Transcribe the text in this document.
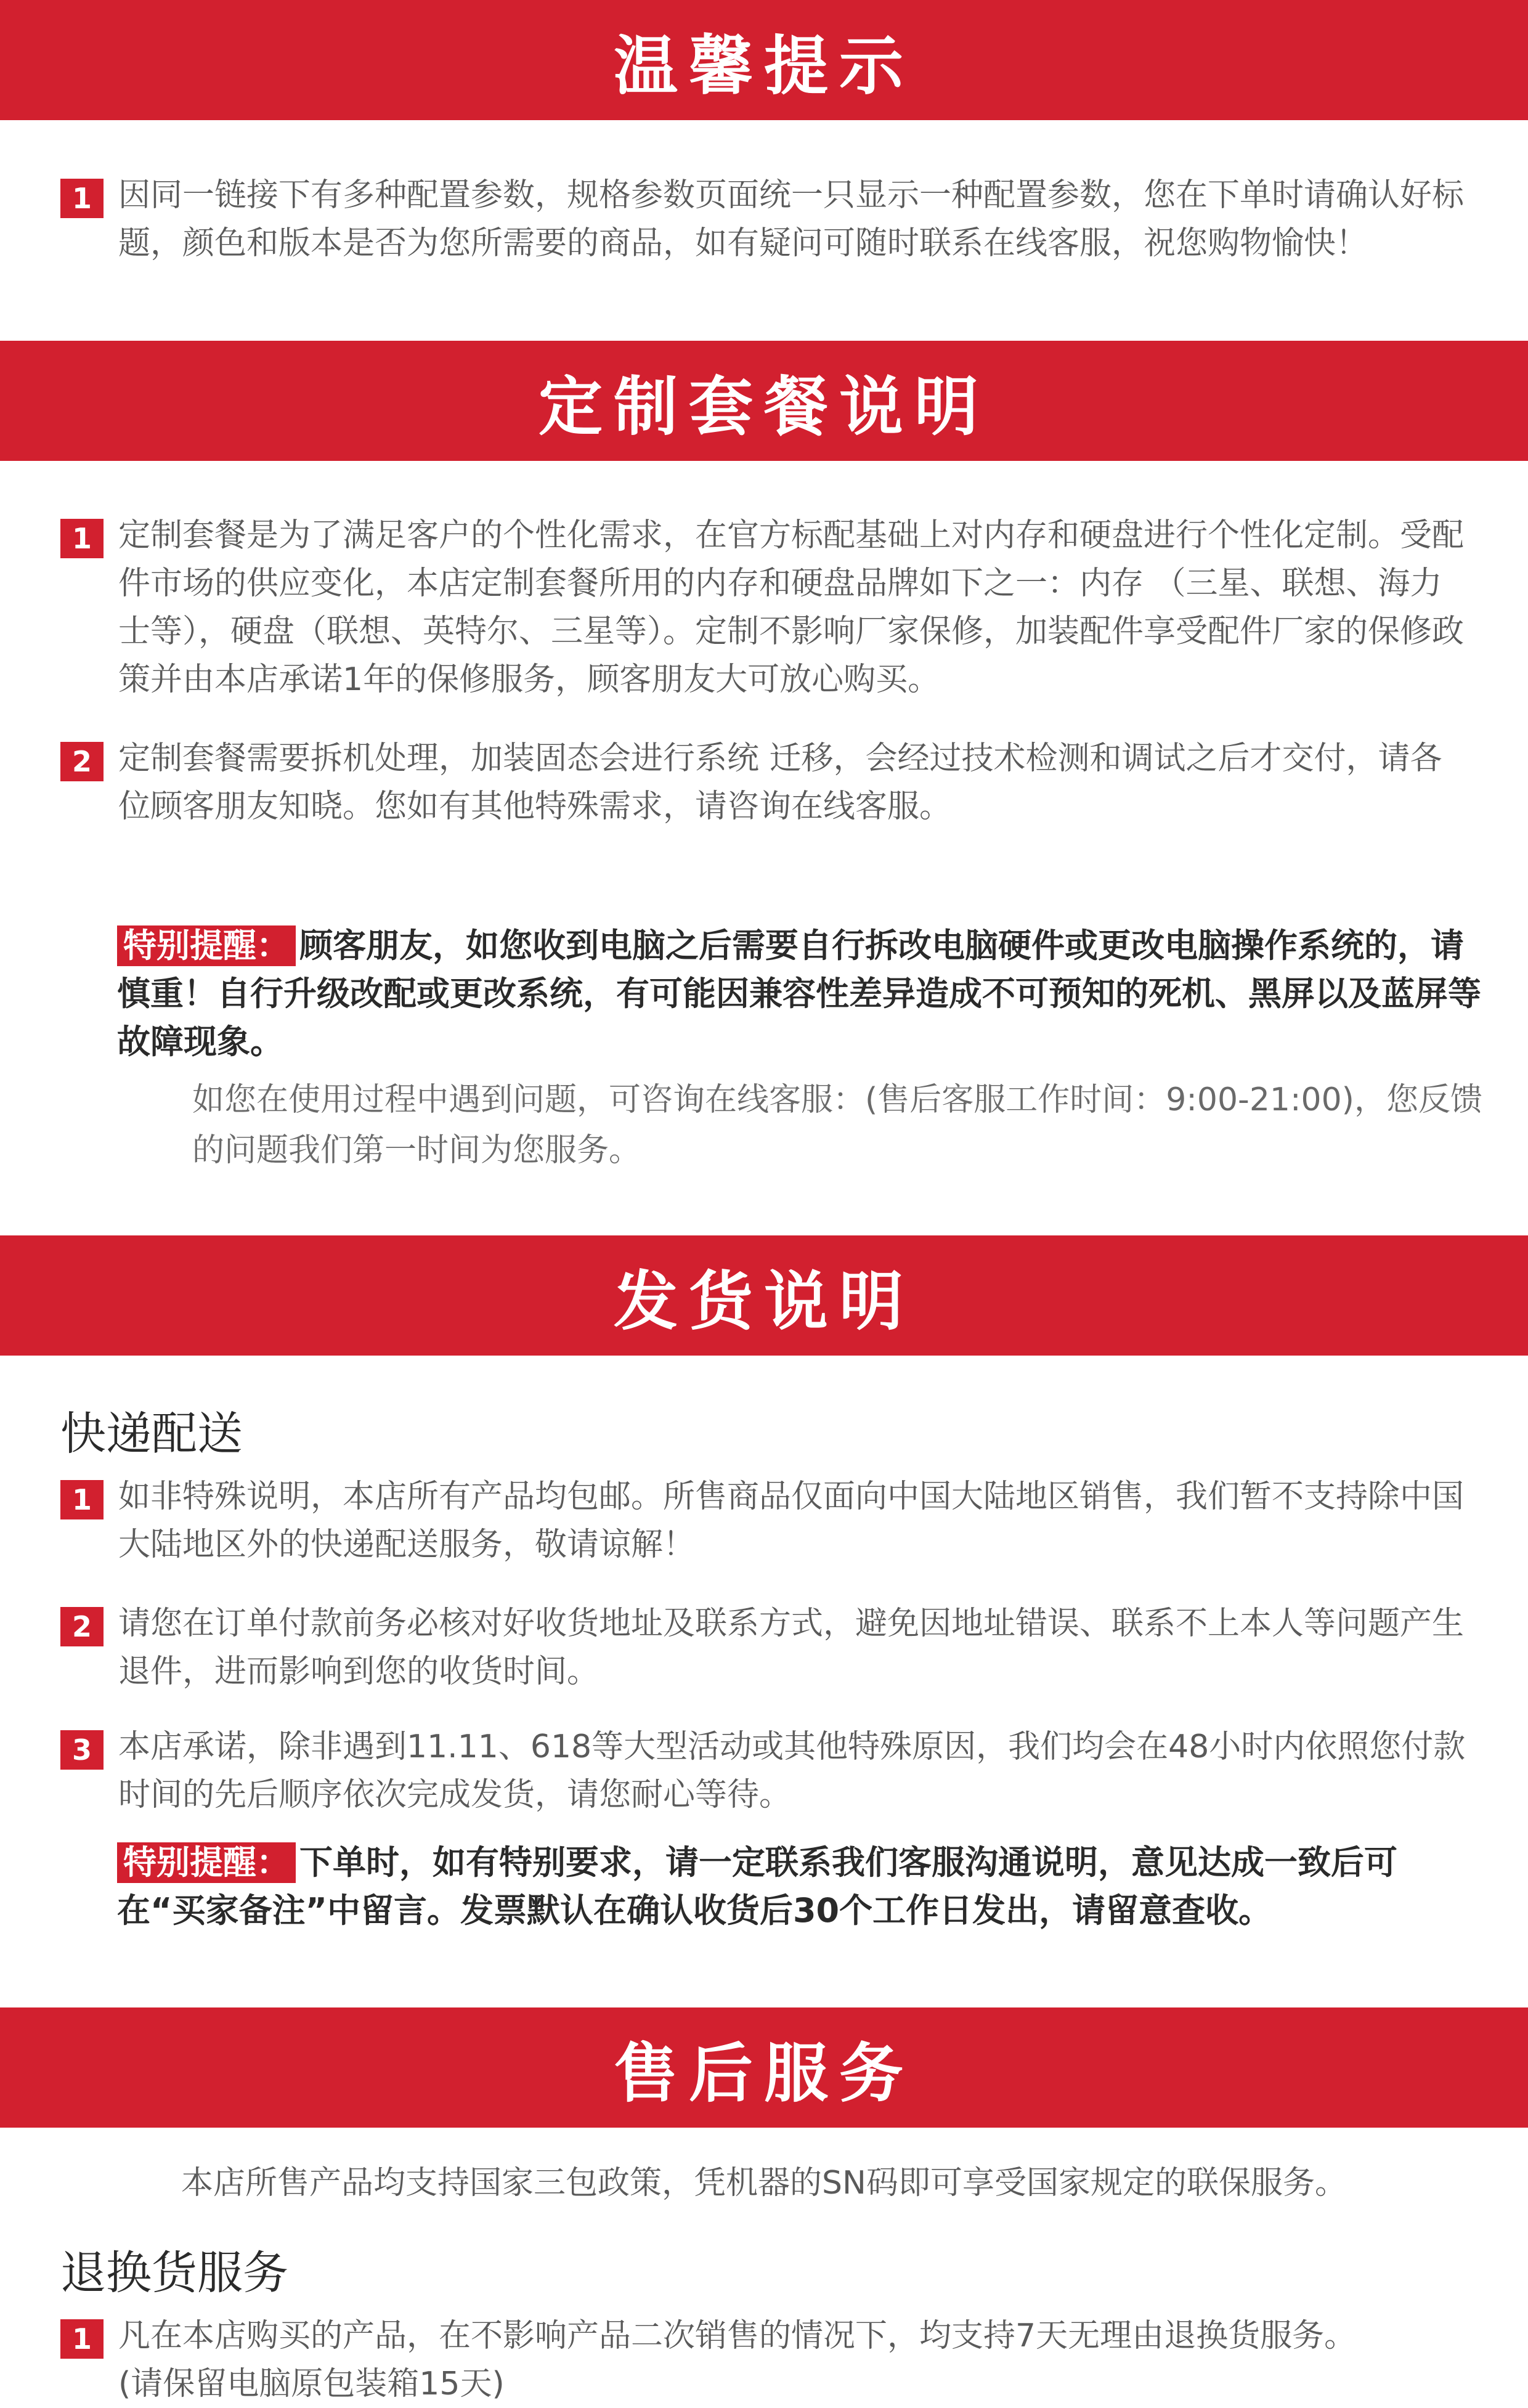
温馨提示
1 因同一链接下有多种配置参数，规格参数页面统一只显示一种配置参数，您在下单时请确认好标题，颜色和版本是否为您所需要的商品，如有疑问可随时联系在线客服，祝您购物愉快！

定制套餐说明
1 定制套餐是为了满足客户的个性化需求，在官方标配基础上对内存和硬盘进行个性化定制。受配件市场的供应变化，本店定制套餐所用的内存和硬盘品牌如下之一：内存 （三星、联想、海力士等），硬盘（联想、英特尔、三星等）。定制不影响厂家保修，加装配件享受配件厂家的保修政策并由本店承诺1年的保修服务，顾客朋友大可放心购买。

2 定制套餐需要拆机处理，加装固态会进行系统 迁移，会经过技术检测和调试之后才交付，请各位顾客朋友知晓。您如有其他特殊需求，请咨询在线客服。

特别提醒： 顾客朋友，如您收到电脑之后需要自行拆改电脑硬件或更改电脑操作系统的，请慎重！自行升级改配或更改系统，有可能因兼容性差异造成不可预知的死机、黑屏以及蓝屏等故障现象。

如您在使用过程中遇到问题，可咨询在线客服：(售后客服工作时间：9:00-21:00)，您反馈的问题我们第一时间为您服务。

发货说明
快递配送
1 如非特殊说明，本店所有产品均包邮。所售商品仅面向中国大陆地区销售，我们暂不支持除中国大陆地区外的快递配送服务，敬请谅解！

2 请您在订单付款前务必核对好收货地址及联系方式，避免因地址错误、联系不上本人等问题产生退件，进而影响到您的收货时间。

3 本店承诺，除非遇到11.11、618等大型活动或其他特殊原因，我们均会在48小时内依照您付款时间的先后顺序依次完成发货，请您耐心等待。

特别提醒： 下单时，如有特别要求，请一定联系我们客服沟通说明，意见达成一致后可在“买家备注”中留言。发票默认在确认收货后30个工作日发出，请留意查收。
售后服务

本店所售产品均支持国家三包政策，凭机器的SN码即可享受国家规定的联保服务。

退换货服务
1 凡在本店购买的产品，在不影响产品二次销售的情况下，均支持7天无理由退换货服务。
(请保留电脑原包装箱15天)
